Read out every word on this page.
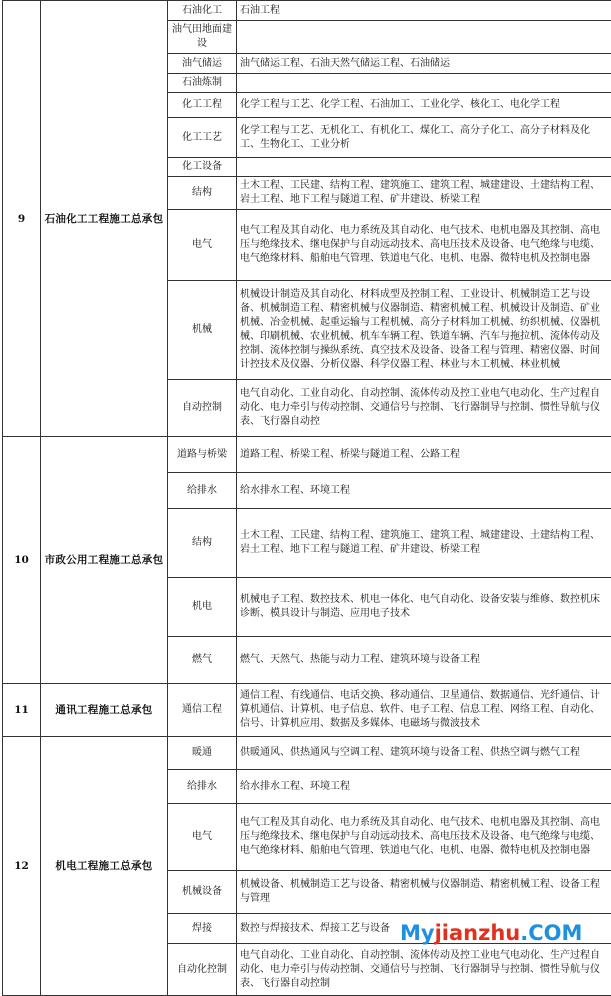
9	石油化工工程施工总承包	石油化工	石油工程
		油气田地面建设	
		油气储运	油气储运工程、石油天然气储运工程、石油储运
		石油炼制	
		化工工程	化学工程与工艺、化学工程、石油加工、工业化学、核化工、电化学工程
		化工工艺	化学工程与工艺、无机化工、有机化工、煤化工、高分子化工、高分子材料及化工、生物化工、工业分析
		化工设备	
		结构	土木工程、工民建、结构工程、建筑施工、建筑工程、城建建设、土建结构工程、岩土工程、地下工程与隧道工程、矿井建设、桥梁工程
		电气	电气工程及其自动化、电力系统及其自动化、电气技术、电机电器及其控制、高电压与绝缘技术、继电保护与自动远动技术、高电压技术及设备、电气绝缘与电缆、电气绝缘材料、船舶电气管理、铁道电气化、电机、电器、微特电机及控制电器
		机械	机械设计制造及其自动化、材料成型及控制工程、工业设计、机械制造工艺与设备、机械制造工程、精密机械与仪器制造、精密机械工程、机械设计及制造、矿业机械、冶金机械、起重运输与工程机械、高分子材料加工机械、纺织机械、仪器机械、印刷机械、农业机械、机车车辆工程、铁道车辆、汽车与拖拉机、流体传动及控制、流体控制与操纵系统、真空技术及设备、设备工程与管理、精密仪器、时间计控技术及仪器、分析仪器、科学仪器工程、林业与木工机械、林业机械
		自动控制	电气自动化、工业自动化、自动控制、流体传动及控工业电气电动化、生产过程自动化、电力牵引与传动控制、交通信号与控制、飞行器制导与控制、惯性导航与仪表、飞行器自动控
10	市政公用工程施工总承包	道路与桥梁	道路工程、桥梁工程、桥梁与隧道工程、公路工程
		给排水	给水排水工程、环境工程
		结构	土木工程、工民建、结构工程、建筑施工、建筑工程、城建建设、土建结构工程、岩土工程、地下工程与隧道工程、矿井建设、桥梁工程
		机电	机械电子工程、数控技术、机电一体化、电气自动化、设备安装与维修、数控机床诊断、模具设计与制造、应用电子技术
		燃气	燃气、天然气、热能与动力工程、建筑环境与设备工程
11	通讯工程施工总承包	通信工程	通信工程、有线通信、电话交换、移动通信、卫星通信、数据通信、光纤通信、计算机通信、计算机、电子信息、软件、电子工程、信息工程、网络工程、自动化、信号、计算机应用、数据及多媒体、电磁场与微波技术
12	机电工程施工总承包	暖通	供暖通风、供热通风与空调工程、建筑环境与设备工程、供热空调与燃气工程
		给排水	给水排水工程、环境工程
		电气	电气工程及其自动化、电力系统及其自动化、电气技术、电机电器及其控制、高电压与绝缘技术、继电保护与自动远动技术、高电压技术及设备、电气绝缘与电缆、电气绝缘材料、船舶电气管理、铁道电气化、电机、电器、微特电机及控制电器
		机械设备	机械设备、机械制造工艺与设备、精密机械与仪器制造、精密机械工程、设备工程与管理
		焊接	数控与焊接技术、焊接工艺与设备
		自动化控制	电气自动化、工业自动化、自动控制、流体传动及控工业电气电动化、生产过程自动化、电力牵引与传动控制、交通信号与控制、飞行器制导与控制、惯性导航与仪表、飞行器自动控制
Myjianzhu.COM
